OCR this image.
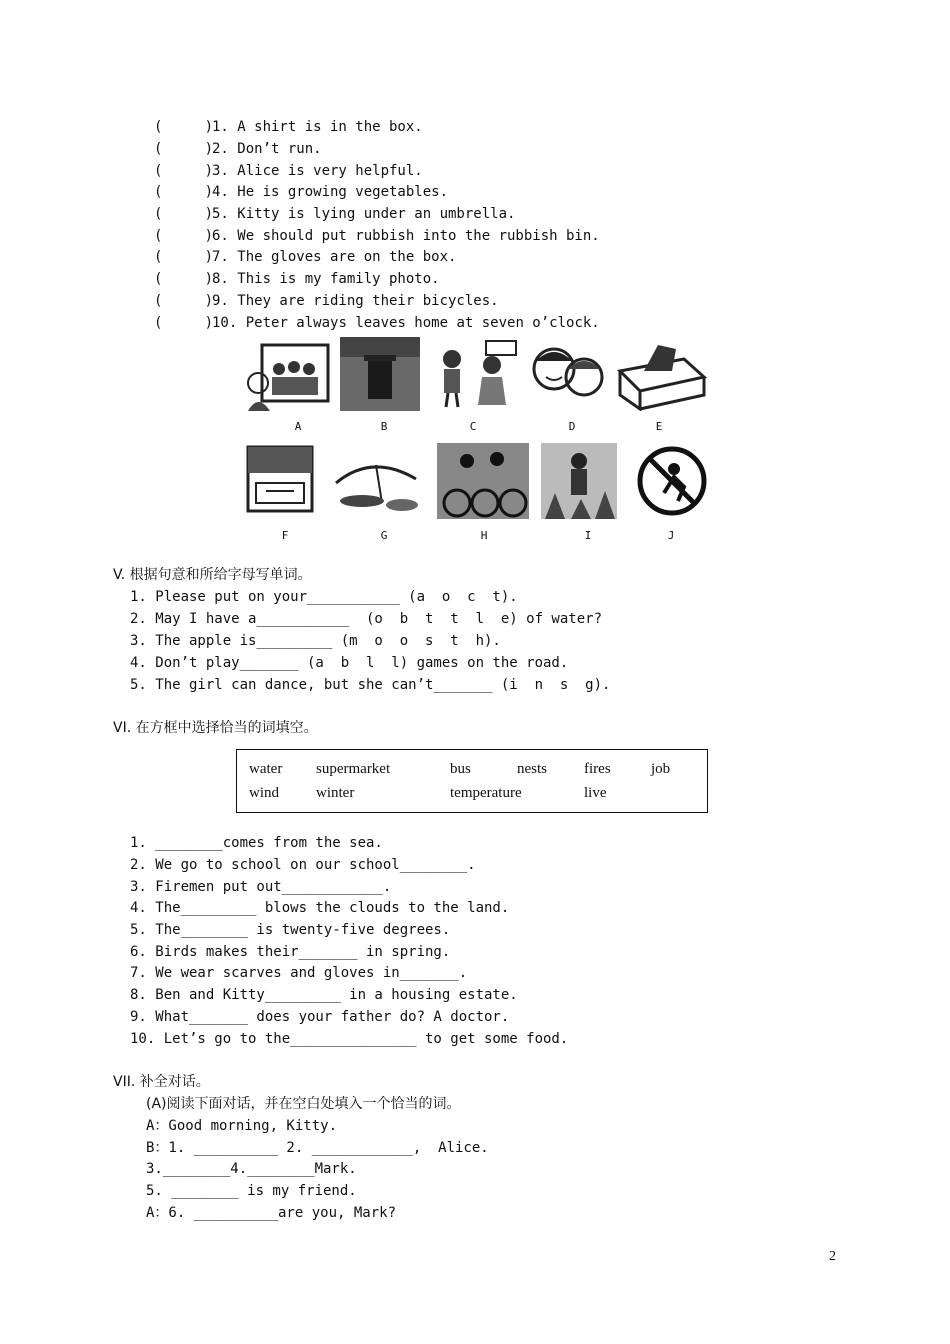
(     )1. A shirt is in the box.
(     )2. Don’t run.
(     )3. Alice is very helpful.
(     )4. He is growing vegetables.
(     )5. Kitty is lying under an umbrella.
(     )6. We should put rubbish into the rubbish bin.
(     )7. The gloves are on the box.
(     )8. This is my family photo.
(     )9. They are riding their bicycles.
(     )10. Peter always leaves home at seven o’clock.
A	B	C	D	E
F	G	H	I	J
V. 根据句意和所给字母写单词。
1. Please put on your___________ (a  o  c  t).
2. May I have a___________  (o  b  t  t  l  e) of water?
3. The apple is_________ (m  o  o  s  t  h).
4. Don’t play_______ (a  b  l  l) games on the road.
5. The girl can dance, but she can’t_______ (i  n  s  g).
VI. 在方框中选择恰当的词填空。
water supermarket	bus	nests fires	job
wind winter	temperature	live
1. ________comes from the sea.
2. We go to school on our school________.
3. Firemen put out____________.
4. The_________ blows the clouds to the land.
5. The________ is twenty-five degrees.
6. Birds makes their_______ in spring.
7. We wear scarves and gloves in_______.
8. Ben and Kitty_________ in a housing estate.
9. What_______ does your father do? A doctor.
10. Let’s go to the_______________ to get some food.
VII. 补全对话。
(A)阅读下面对话，并在空白处填入一个恰当的词。
A：Good morning, Kitty.
B：1. __________ 2. ____________,  Alice.
3.________4.________Mark.
5. ________ is my friend.
A：6. __________are you, Mark?
2
